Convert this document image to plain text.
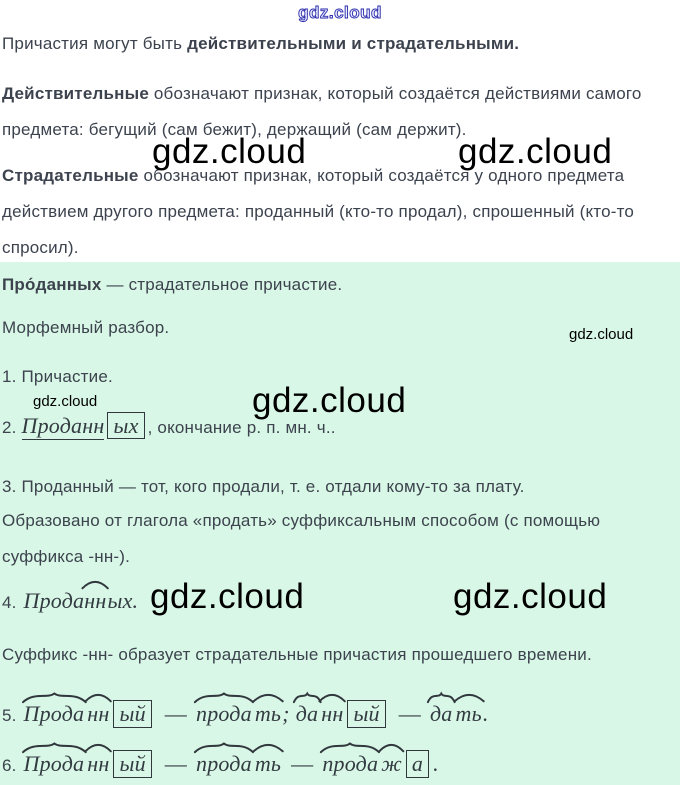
gdz.cloud
gdz.cloud	gdz.cloud
gdz.cloud
gdz.cloud	gdz.cloud
gdz.cloud	gdz.cloud
Причастия могут быть действительными и страдательными.
Действительные обозначают признак, который создаётся действиями самого
предмета: бегущий (сам бежит), держащий (сам держит).
Страдательные обозначают признак, который создаётся у одного предмета
действием другого предмета: проданный (кто-то продал), спрошенный (кто-то
спросил).
Про́данных — страдательное причастие.
Морфемный разбор.
1. Причастие.
2. Проданн ых , окончание р. п. мн. ч..
3. Проданный — тот, кого продали, т. е. отдали кому-то за плату.
Образовано от глагола «продать» суффиксальным способом (с помощью
суффикса -нн-).
4. Проданн
ых.
Суффикс -нн- образует страдательные причастия прошедшего времени.
5. Прода нн ый — прода ть
; да нн ый — да ть
.
6. Прода нн ый — прода ть — прода ж а .
